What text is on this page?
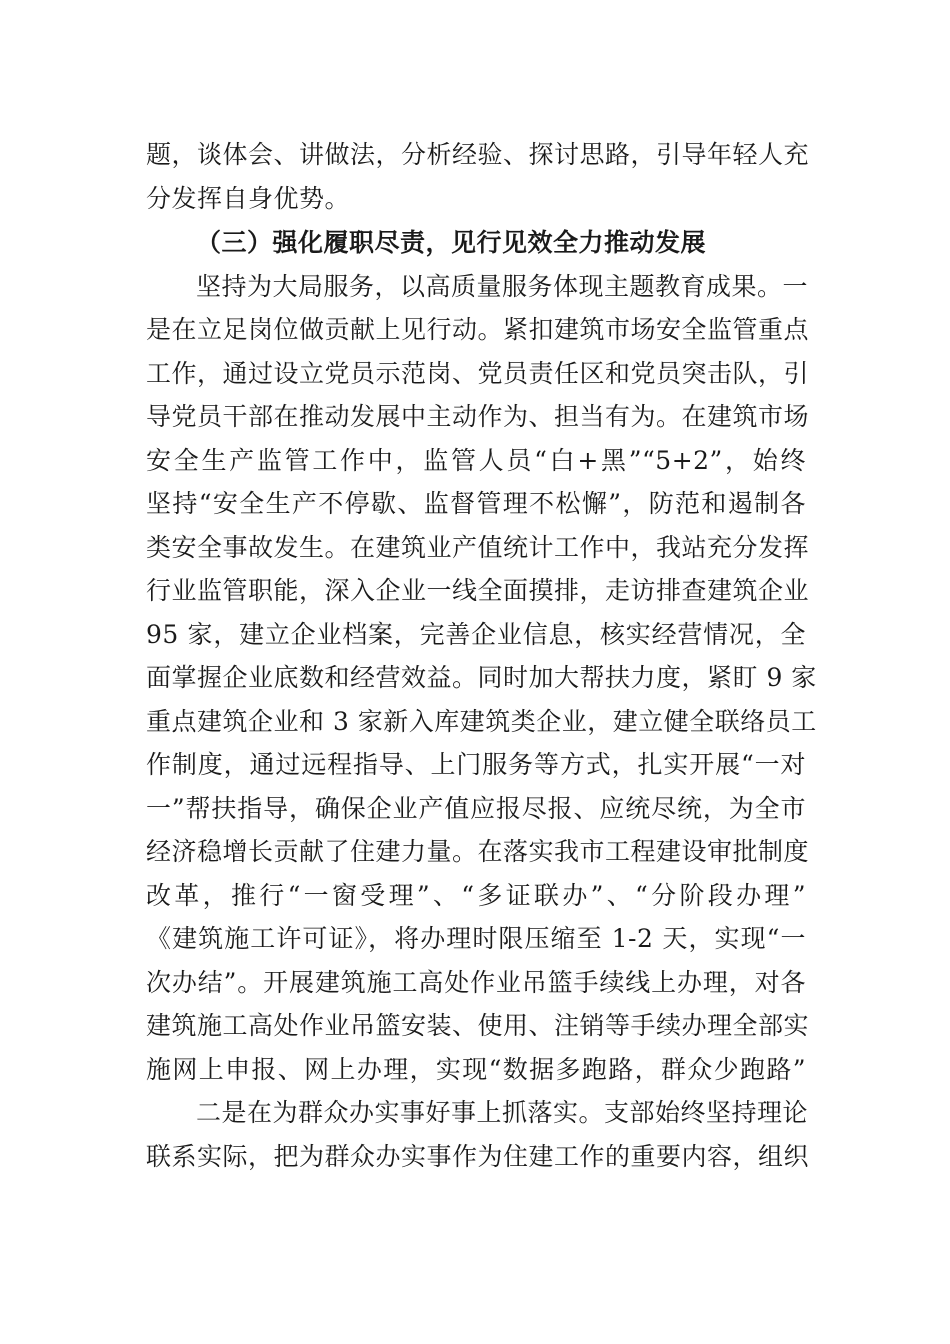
题，谈体会、讲做法，分析经验、探讨思路，引导年轻人充
分发挥自身优势。
（三）强化履职尽责，见行见效全力推动发展
坚持为大局服务，以高质量服务体现主题教育成果。一
是在立足岗位做贡献上见行动。紧扣建筑市场安全监管重点
工作，通过设立党员示范岗、党员责任区和党员突击队，引
导党员干部在推动发展中主动作为、担当有为。在建筑市场
安全生产监管工作中，监管人员“白+黑”“5+2”，始终
坚持“安全生产不停歇、监督管理不松懈”，防范和遏制各
类安全事故发生。在建筑业产值统计工作中，我站充分发挥
行业监管职能，深入企业一线全面摸排，走访排查建筑企业
95 家，建立企业档案，完善企业信息，核实经营情况，全
面掌握企业底数和经营效益。同时加大帮扶力度，紧盯 9 家
重点建筑企业和 3 家新入库建筑类企业，建立健全联络员工
作制度，通过远程指导、上门服务等方式，扎实开展“一对
一”帮扶指导，确保企业产值应报尽报、应统尽统，为全市
经济稳增长贡献了住建力量。在落实我市工程建设审批制度
改革，推行“一窗受理”、“多证联办”、“分阶段办理”
《建筑施工许可证》，将办理时限压缩至 1-2 天，实现“一
次办结”。开展建筑施工高处作业吊篮手续线上办理，对各
建筑施工高处作业吊篮安装、使用、注销等手续办理全部实
施网上申报、网上办理，实现“数据多跑路，群众少跑路”
二是在为群众办实事好事上抓落实。支部始终坚持理论
联系实际，把为群众办实事作为住建工作的重要内容，组织
